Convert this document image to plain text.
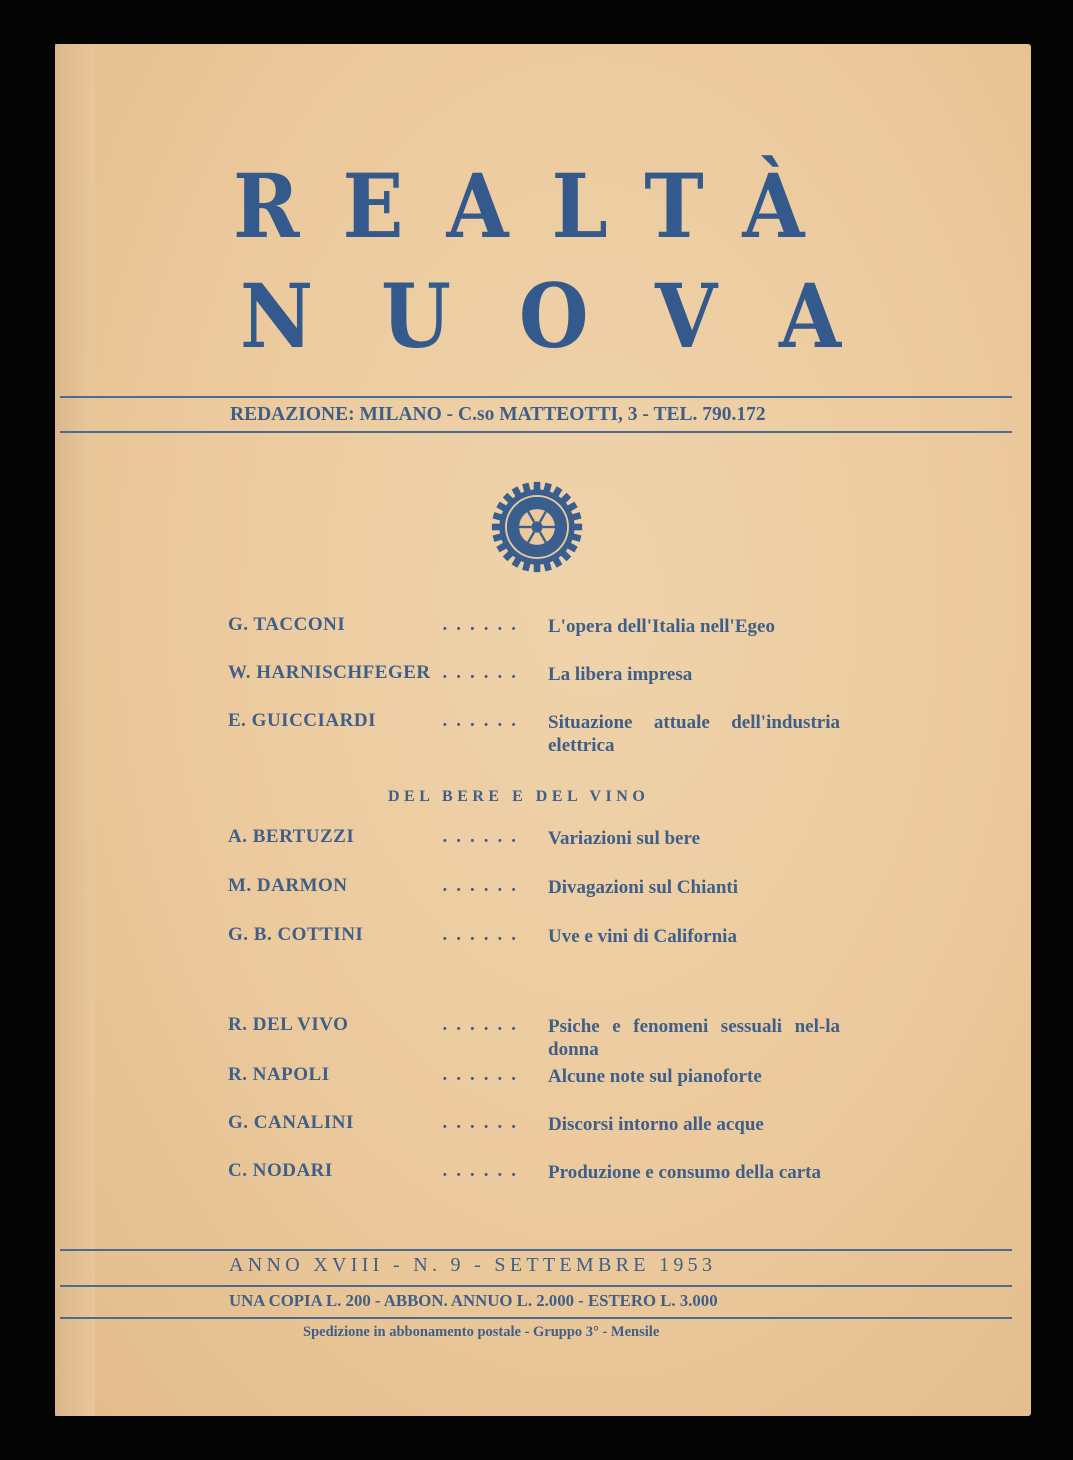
REALTÀ
NUOVA
REDAZIONE: MILANO - C.so MATTEOTTI, 3 - TEL. 790.172
G. TACCONI	...... L'opera dell'Italia nell'Egeo
W. HARNISCHFEGER ...... La libera impresa
E. GUICCIARDI	...... Situazione attuale dell'industria elettrica
A. BERTUZZI	...... Variazioni sul bere
M. DARMON	...... Divagazioni sul Chianti
G. B. COTTINI	...... Uve e vini di California
R. DEL VIVO	...... Psiche e fenomeni sessuali nel-la donna
R. NAPOLI	...... Alcune note sul pianoforte
G. CANALINI	...... Discorsi intorno alle acque
C. NODARI	...... Produzione e consumo della carta
DEL BERE E DEL VINO
ANNO XVIII - N. 9 - SETTEMBRE 1953
UNA COPIA L. 200 - ABBON. ANNUO L. 2.000 - ESTERO L. 3.000
Spedizione in abbonamento postale - Gruppo 3° - Mensile
